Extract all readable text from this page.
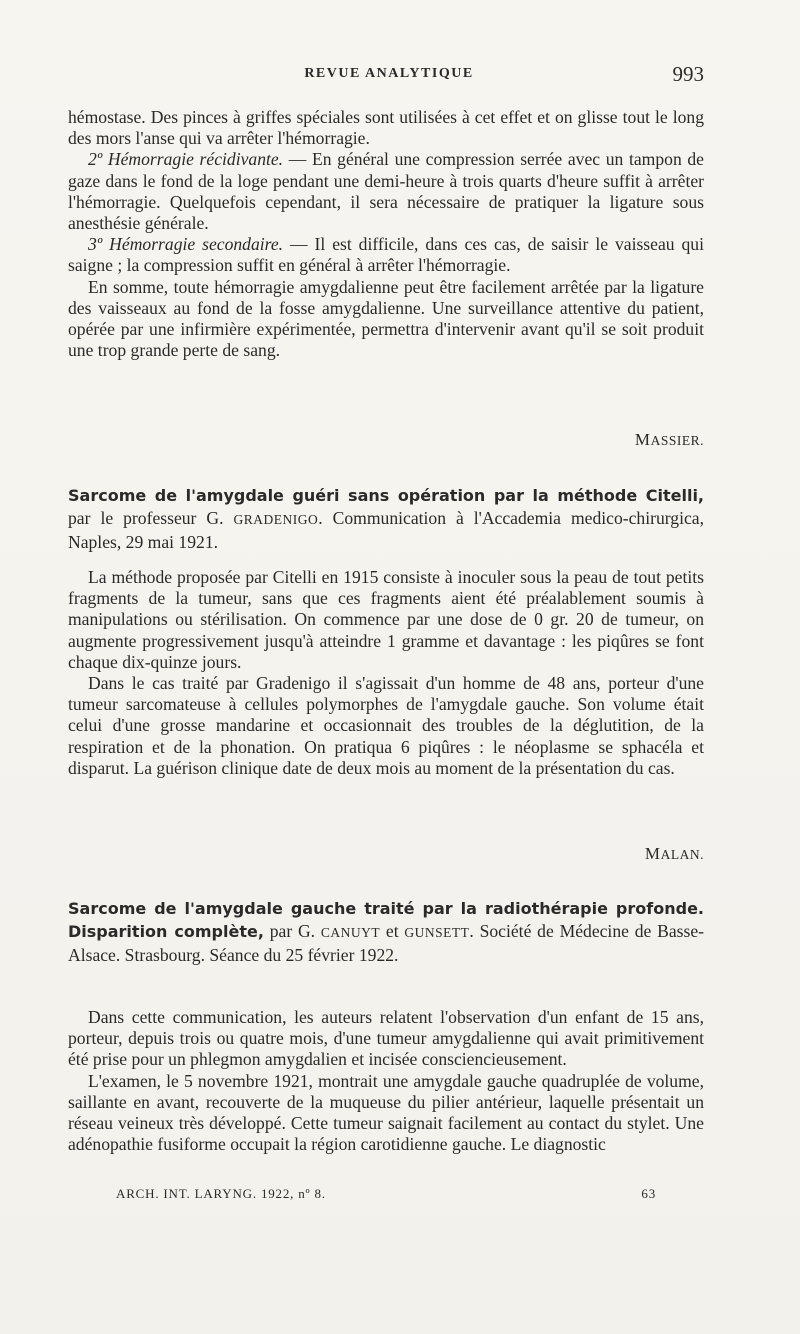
REVUE ANALYTIQUE	993

hémostase. Des pinces à griffes spéciales sont utilisées à cet effet et on glisse tout le long des mors l'anse qui va arrêter l'hémorragie.

2º Hémorragie récidivante. — En général une compression serrée avec un tampon de gaze dans le fond de la loge pendant une demi-heure à trois quarts d'heure suffit à arrêter l'hémorragie. Quelquefois cependant, il sera nécessaire de pratiquer la ligature sous anesthésie générale.

3º Hémorragie secondaire. — Il est difficile, dans ces cas, de saisir le vaisseau qui saigne ; la compression suffit en général à arrêter l'hémorragie.

En somme, toute hémorragie amygdalienne peut être facilement arrêtée par la ligature des vaisseaux au fond de la fosse amygdalienne. Une surveillance attentive du patient, opérée par une infirmière expérimentée, permettra d'intervenir avant qu'il se soit produit une trop grande perte de sang.

MASSIER.
Sarcome de l'amygdale guéri sans opération par la méthode Citelli, par le professeur G. GRADENIGO. Communication à l'Accademia medico-chirurgica, Naples, 29 mai 1921.

La méthode proposée par Citelli en 1915 consiste à inoculer sous la peau de tout petits fragments de la tumeur, sans que ces fragments aient été préalablement soumis à manipulations ou stérilisation. On commence par une dose de 0 gr. 20 de tumeur, on augmente progressivement jusqu'à atteindre 1 gramme et davantage : les piqûres se font chaque dix-quinze jours.

Dans le cas traité par Gradenigo il s'agissait d'un homme de 48 ans, porteur d'une tumeur sarcomateuse à cellules polymorphes de l'amygdale gauche. Son volume était celui d'une grosse mandarine et occasionnait des troubles de la déglutition, de la respiration et de la phonation. On pratiqua 6 piqûres : le néoplasme se sphacéla et disparut. La guérison clinique date de deux mois au moment de la présentation du cas.

MALAN.
Sarcome de l'amygdale gauche traité par la radiothérapie profonde. Disparition complète, par G. CANUYT et GUNSETT. Société de Médecine de Basse-Alsace. Strasbourg. Séance du 25 février 1922.

Dans cette communication, les auteurs relatent l'observation d'un enfant de 15 ans, porteur, depuis trois ou quatre mois, d'une tumeur amygdalienne qui avait primitivement été prise pour un phlegmon amygdalien et incisée consciencieusement.

L'examen, le 5 novembre 1921, montrait une amygdale gauche quadruplée de volume, saillante en avant, recouverte de la muqueuse du pilier antérieur, laquelle présentait un réseau veineux très développé. Cette tumeur saignait facilement au contact du stylet. Une adénopathie fusiforme occupait la région carotidienne gauche. Le diagnostic

ARCH. INT. LARYNG. 1922, nº 8.	63
